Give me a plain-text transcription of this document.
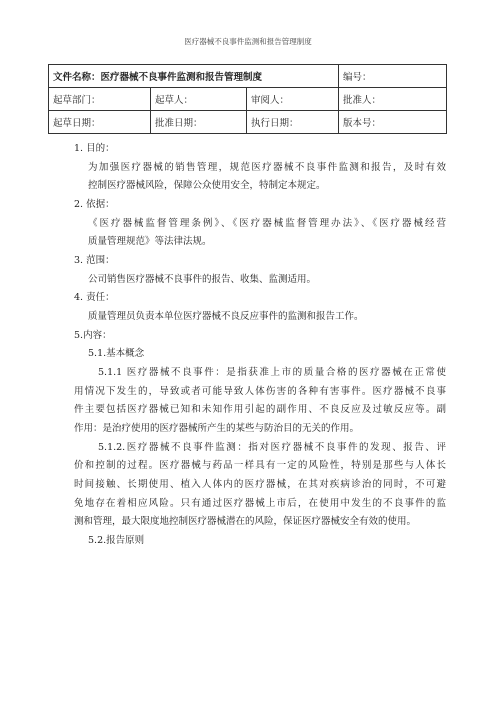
医疗器械不良事件监测和报告管理制度
文件名称：医疗器械不良事件监测和报告管理制度			编号：
起草部门：	起草人：	审阅人：	批准人：
起草日期：	批准日期：	执行日期：	版本号：
1. 目的：
为加强医疗器械的销售管理，规范医疗器械不良事件监测和报告，及时有效
控制医疗器械风险，保障公众使用安全，特制定本规定。
2. 依据：
《医疗器械监督管理条例》、《医疗器械监督管理办法》、《医疗器械经营
质量管理规范》等法律法规。
3. 范围：
公司销售医疗器械不良事件的报告、收集、监测适用。
4. 责任：
质量管理员负责本单位医疗器械不良反应事件的监测和报告工作。
5.内容：
5.1.基本概念
5.1.1 医疗器械不良事件：是指获准上市的质量合格的医疗器械在正常使
用情况下发生的，导致或者可能导致人体伤害的各种有害事件。医疗器械不良事
件主要包括医疗器械已知和未知作用引起的副作用、不良反应及过敏反应等。副
作用：是治疗使用的医疗器械所产生的某些与防治目的无关的作用。
5.1.2.医疗器械不良事件监测：指对医疗器械不良事件的发现、报告、评
价和控制的过程。医疗器械与药品一样具有一定的风险性，特别是那些与人体长
时间接触、长期使用、植入人体内的医疗器械，在其对疾病诊治的同时，不可避
免地存在着相应风险。只有通过医疗器械上市后，在使用中发生的不良事件的监
测和管理，最大限度地控制医疗器械潜在的风险，保证医疗器械安全有效的使用。
5.2.报告原则
